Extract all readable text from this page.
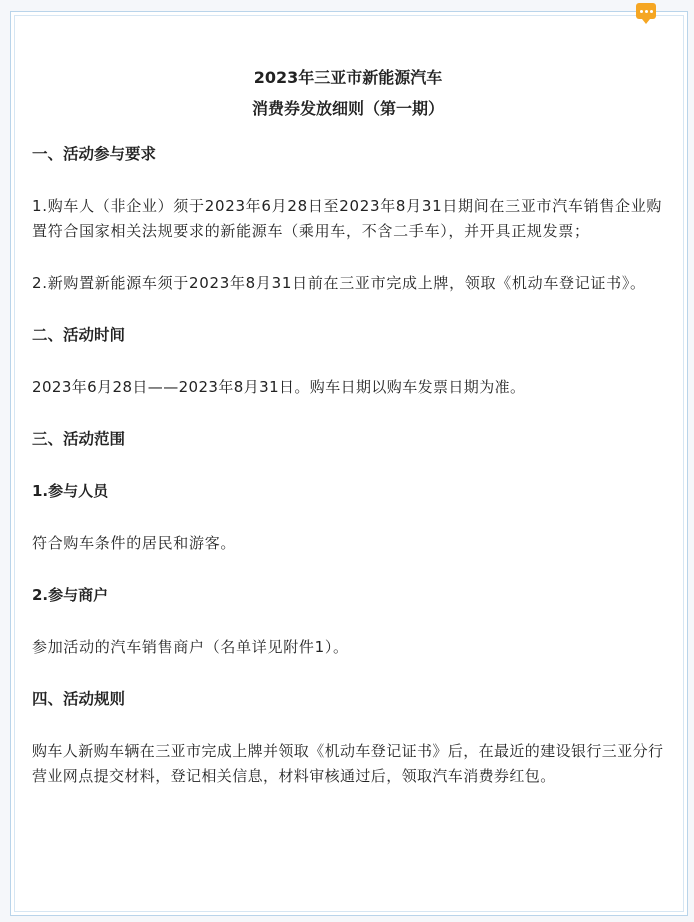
2023年三亚市新能源汽车
消费券发放细则（第一期）
一、活动参与要求
1.购车人（非企业）须于2023年6月28日至2023年8月31日期间在三亚市汽车销售企业购置符合国家相关法规要求的新能源车（乘用车，不含二手车），并开具正规发票；
2.新购置新能源车须于2023年8月31日前在三亚市完成上牌，领取《机动车登记证书》。
二、活动时间
2023年6月28日——2023年8月31日。购车日期以购车发票日期为准。
三、活动范围
1.参与人员
符合购车条件的居民和游客。
2.参与商户
参加活动的汽车销售商户（名单详见附件1）。
四、活动规则
购车人新购车辆在三亚市完成上牌并领取《机动车登记证书》后，在最近的建设银行三亚分行营业网点提交材料，登记相关信息，材料审核通过后，领取汽车消费券红包。
